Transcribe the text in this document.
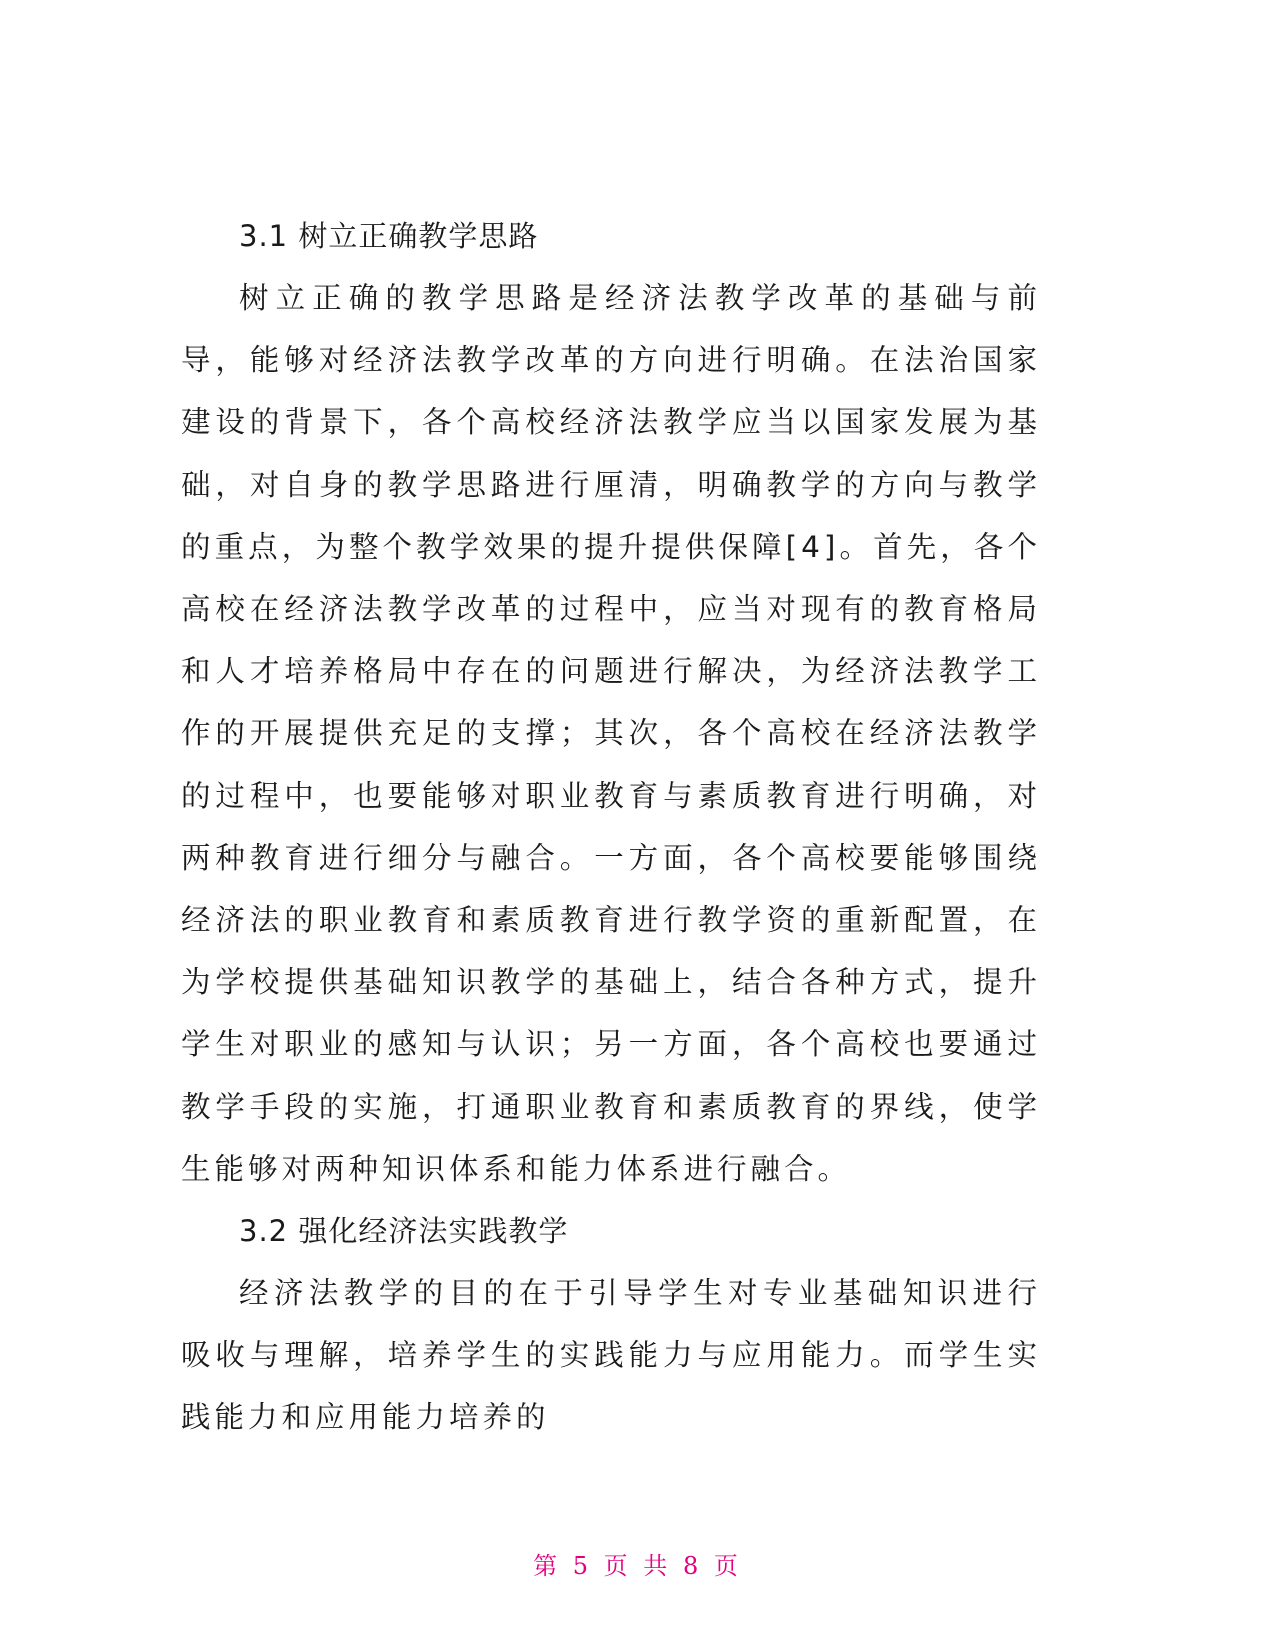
3.1 树立正确教学思路

树立正确的教学思路是经济法教学改革的基础与前导，能够对经济法教学改革的方向进行明确。在法治国家建设的背景下，各个高校经济法教学应当以国家发展为基础，对自身的教学思路进行厘清，明确教学的方向与教学的重点，为整个教学效果的提升提供保障[4]。首先，各个高校在经济法教学改革的过程中，应当对现有的教育格局和人才培养格局中存在的问题进行解决，为经济法教学工作的开展提供充足的支撑；其次，各个高校在经济法教学的过程中，也要能够对职业教育与素质教育进行明确，对两种教育进行细分与融合。一方面，各个高校要能够围绕经济法的职业教育和素质教育进行教学资的重新配置，在为学校提供基础知识教学的基础上，结合各种方式，提升学生对职业的感知与认识；另一方面，各个高校也要通过教学手段的实施，打通职业教育和素质教育的界线，使学生能够对两种知识体系和能力体系进行融合。

3.2 强化经济法实践教学

经济法教学的目的在于引导学生对专业基础知识进行吸收与理解，培养学生的实践能力与应用能力。而学生实践能力和应用能力培养的

第 5 页 共 8 页
